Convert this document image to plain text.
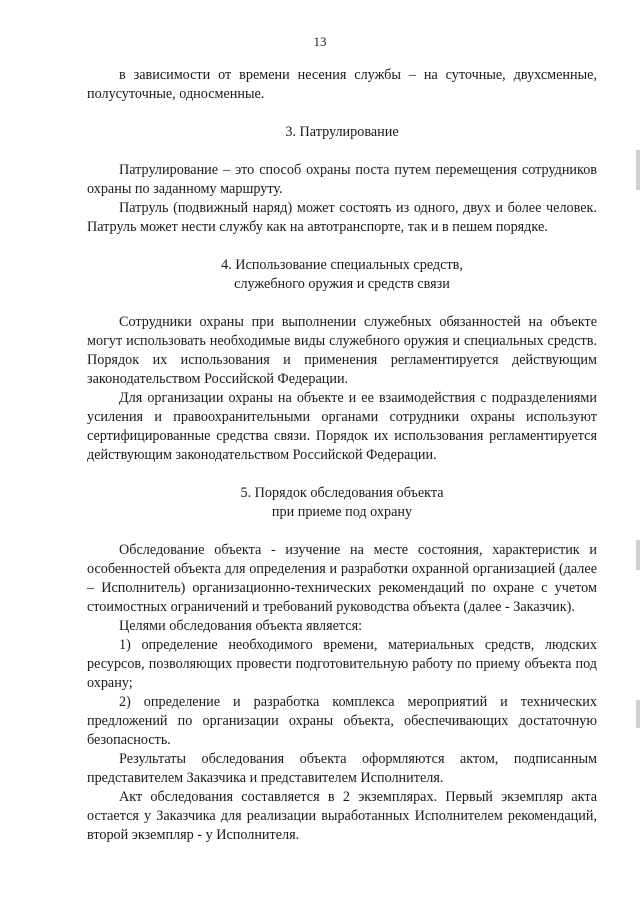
13

в зависимости от времени несения службы – на суточные, двухсменные, полусуточные, односменные.

3. Патрулирование

Патрулирование – это способ охраны поста путем перемещения сотрудников охраны по заданному маршруту.

Патруль (подвижный наряд) может состоять из одного, двух и более человек. Патруль может нести службу как на автотранспорте, так и в пешем порядке.

4. Использование специальных средств,
служебного оружия и средств связи

Сотрудники охраны при выполнении служебных обязанностей на объекте могут использовать необходимые виды служебного оружия и специальных средств. Порядок их использования и применения регламентируется действующим законодательством Российской Федерации.

Для организации охраны на объекте и ее взаимодействия с подразделениями усиления и правоохранительными органами сотрудники охраны используют сертифицированные средства связи. Порядок их использования регламентируется действующим законодательством Российской Федерации.

5. Порядок обследования объекта
при приеме под охрану

Обследование объекта - изучение на месте состояния, характеристик и особенностей объекта для определения и разработки охранной организацией (далее – Исполнитель) организационно-технических рекомендаций по охране с учетом стоимостных ограничений и требований руководства объекта (далее - Заказчик).

Целями обследования объекта является:

1) определение необходимого времени, материальных средств, людских ресурсов, позволяющих провести подготовительную работу по приему объекта под охрану;

2) определение и разработка комплекса мероприятий и технических предложений по организации охраны объекта, обеспечивающих достаточную безопасность.

Результаты обследования объекта оформляются актом, подписанным представителем Заказчика и представителем Исполнителя.

Акт обследования составляется в 2 экземплярах. Первый экземпляр акта остается у Заказчика для реализации выработанных Исполнителем рекомендаций, второй экземпляр - у Исполнителя.
